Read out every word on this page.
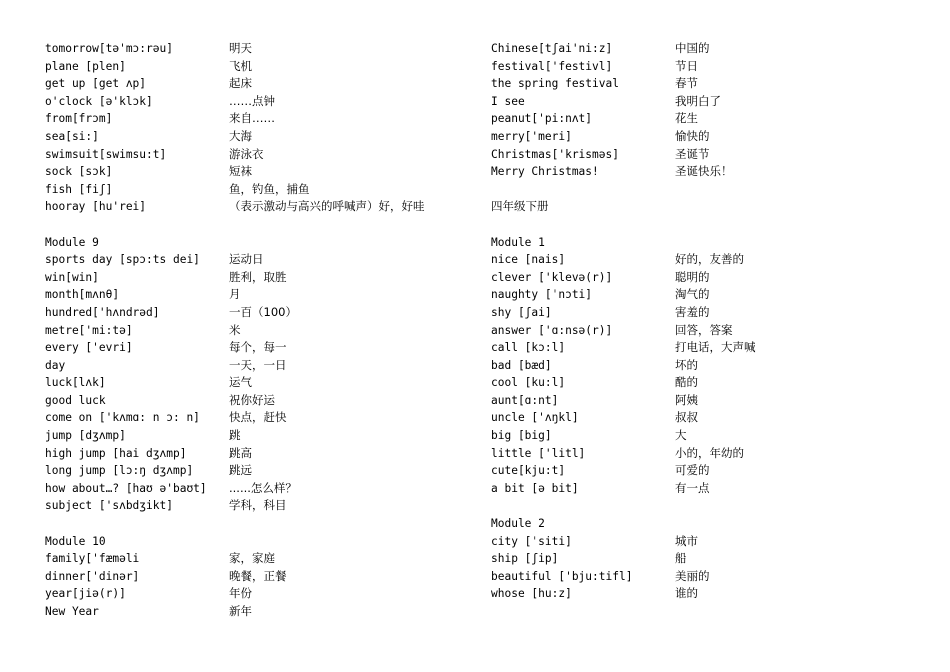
tomorrow[tə'mɔ:rəu]	明天
plane [plen]	飞机
get up [get ʌp]	起床
o'clock [ə'klɔk]	……点钟
from[frɔm]	来自……
sea[si:]	大海
swimsuit[swimsu:t]	游泳衣
sock [sɔk]	短袜
fish [fiʃ]	鱼，钓鱼，捕鱼
hooray [hu'rei]	（表示激动与高兴的呼喊声）好，好哇
Module 9
sports day [spɔ:ts dei]	运动日
win[win]	胜利，取胜
month[mʌnθ]	月
hundred['hʌndrəd]	一百（100）
metre['mi:tə]	米
every ['evri]	每个，每一
day	一天，一日
luck[lʌk]	运气
good luck	祝你好运
come on ['kʌmɑ: n ɔ: n]	快点，赶快
jump [dʒʌmp]	跳
high jump [hai dʒʌmp]	跳高
long jump [lɔ:ŋ dʒʌmp]	跳远
how about…? [haʊ ə'baʊt] ......怎么样？
subject ['sʌbdʒikt]	学科，科目
Module 10
family['fæməli	家，家庭
dinner['dinər]	晚餐，正餐
year[jiə(r)]	年份
New Year	新年
Chinese[tʃai'ni:z]	中国的
festival['festivl]	节日
the spring festival	春节
I see	我明白了
peanut['pi:nʌt]	花生
merry['meri]	愉快的
Christmas['krisməs]	圣诞节
Merry Christmas!	圣诞快乐！
四年级下册
Module 1
nice [nais]	好的，友善的
clever ['klevə(r)]	聪明的
naughty [ˈnɔti]	淘气的
shy [ʃai]	害羞的
answer ['ɑ:nsə(r)]	回答，答案
call [kɔ:l]	打电话，大声喊
bad [bæd]	坏的
cool [ku:l]	酷的
aunt[ɑ:nt]	阿姨
uncle ['ʌŋkl]	叔叔
big [big]	大
little ['litl]	小的，年幼的
cute[kju:t]	可爱的
a bit [ə bit]	有一点
Module 2
city [ˈsiti]	城市
ship [ʃip]	船
beautiful ['bju:tifl]	美丽的
whose [hu:z]	谁的
